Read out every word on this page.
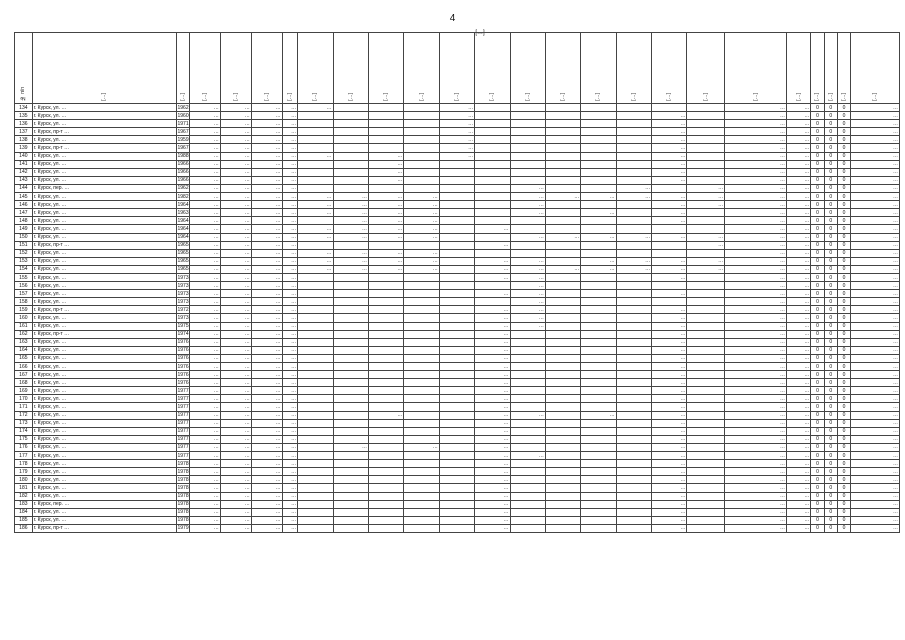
4
[…]
№ п/п	[…]	[…]	[…]	[…]	[…]	[…]	[…]	[…]	[…]	[…]	[…]	[…]	[…]	[…]	[…]	[…]	[…]	[…]	[…]	[…]	[…]	[…]	[…]	[…]
134	г. Курск, ул. …	1962	…	…	…	…	…				…								…	…	0	0	0	…
135	г. Курск, ул. …	1960	…	…	…	…					…						…		…	…	0	0	0	…
136	г. Курск, ул. …	1971	…	…	…	…					…						…		…	…	0	0	0	…
137	г. Курск, пр-т …	1967	…	…	…	…					…						…		…	…	0	0	0	…
138	г. Курск, ул. …	1959	…	…	…	…					…						…		…	…	0	0	0	…
139	г. Курск, пр-т …	1967	…	…	…	…					…						…		…	…	0	0	0	…
140	г. Курск, ул. …	1988	…	…	…	…	…		…		…						…		…	…	0	0	0	…
141	г. Курск, ул. …	1966	…	…	…	…			…								…		…	…	0	0	0	…
142	г. Курск, ул. …	1966	…	…	…	…			…								…		…	…	0	0	0	…
143	г. Курск, ул. …	1966	…	…	…	…			…								…		…	…	0	0	0	…
144	г. Курск, пер. …	1962	…	…	…	…							…			…		…	…	…	0	0	0	…
145	г. Курск, ул. …	1982	…	…	…	…	…	…	…	…			…	…	…	…	…	…	…	…	0	0	0	…
146	г. Курск, ул. …	1964	…	…	…	…	…	…	…	…			…				…	…	…	…	0	0	0	…
147	г. Курск, ул. …	1963	…	…	…	…	…	…	…	…			…		…		…		…	…	0	0	0	…
148	г. Курск, ул. …	1964	…	…	…	…		…	…	…							…		…	…	0	0	0	…
149	г. Курск, ул. …	1964	…	…	…	…	…	…	…	…		…							…	…	0	0	0	…
150	г. Курск, ул. …	1964	…	…	…	…	…	…	…	…			…	…	…	…	…	…	…	…	0	0	0	…
151	г. Курск, пр-т …	1965	…	…	…	…						…						…	…	…	0	0	0	…
152	г. Курск, ул. …	1965	…	…	…	…	…	…	…	…									…	…	0	0	0	…
153	г. Курск, ул. …	1965	…	…	…	…	…	…	…	…		…	…		…	…	…	…	…	…	0	0	0	…
154	г. Курск, ул. …	1965	…	…	…	…	…	…	…	…		…	…	…	…	…	…	…	…	…	0	0	0	…
155	г. Курск, ул. …	1973	…	…	…	…						…	…				…		…	…	0	0	0	…
156	г. Курск, ул. …	1973	…	…	…	…							…						…	…	0	0	0	…
157	г. Курск, ул. …	1973	…	…	…	…						…	…				…		…	…	0	0	0	…
158	г. Курск, ул. …	1973	…	…	…	…							…						…	…	0	0	0	…
159	г. Курск, пр-т …	1972	…	…	…	…						…	…				…		…	…	0	0	0	…
160	г. Курск, ул. …	1973	…	…	…	…						…	…				…		…	…	0	0	0	…
161	г. Курск, ул. …	1975	…	…	…	…						…	…				…		…	…	0	0	0	…
162	г. Курск, пр-т …	1974	…	…	…	…						…					…		…	…	0	0	0	…
163	г. Курск, ул. …	1976	…	…	…	…						…					…		…	…	0	0	0	…
164	г. Курск, ул. …	1976	…	…	…	…						…					…		…	…	0	0	0	…
165	г. Курск, ул. …	1976	…	…	…	…						…					…		…	…	0	0	0	…
166	г. Курск, ул. …	1976	…	…	…	…						…					…		…	…	0	0	0	…
167	г. Курск, ул. …	1976	…	…	…	…						…					…		…	…	0	0	0	…
168	г. Курск, ул. …	1976	…	…	…	…						…					…		…	…	0	0	0	…
169	г. Курск, ул. …	1977	…	…	…	…						…					…		…	…	0	0	0	…
170	г. Курск, ул. …	1977	…	…	…	…						…					…		…	…	0	0	0	…
171	г. Курск, ул. …	1977	…	…	…	…						…					…		…	…	0	0	0	…
172	г. Курск, ул. …	1977	…	…	…	…			…			…	…		…		…		…	…	0	0	0	…
173	г. Курск, ул. …	1977	…	…	…	…						…					…		…	…	0	0	0	…
174	г. Курск, ул. …	1977	…	…	…	…						…					…		…	…	0	0	0	…
175	г. Курск, ул. …	1977	…	…	…	…						…					…		…	…	0	0	0	…
176	г. Курск, ул. …	1977	…	…	…	…		…		…		…					…		…	…	0	0	0	…
177	г. Курск, ул. …	1977	…	…	…	…						…	…				…		…	…	0	0	0	…
178	г. Курск, ул. …	1978	…	…	…	…						…					…		…	…	0	0	0	…
179	г. Курск, ул. …	1978	…	…	…	…						…					…		…	…	0	0	0	…
180	г. Курск, ул. …	1978	…	…	…	…						…					…		…	…	0	0	0	…
181	г. Курск, ул. …	1978	…	…	…	…						…					…		…	…	0	0	0	…
182	г. Курск, ул. …	1978	…	…	…	…						…					…		…	…	0	0	0	…
183	г. Курск, пер. …	1978	…	…	…	…						…					…		…	…	0	0	0	…
184	г. Курск, ул. …	1978	…	…	…	…						…					…		…	…	0	0	0	…
185	г. Курск, ул. …	1978	…	…	…	…						…					…		…	…	0	0	0	…
186	г. Курск, пр-т …	1979	…	…	…	…						…					…		…	…	0	0	0	…
